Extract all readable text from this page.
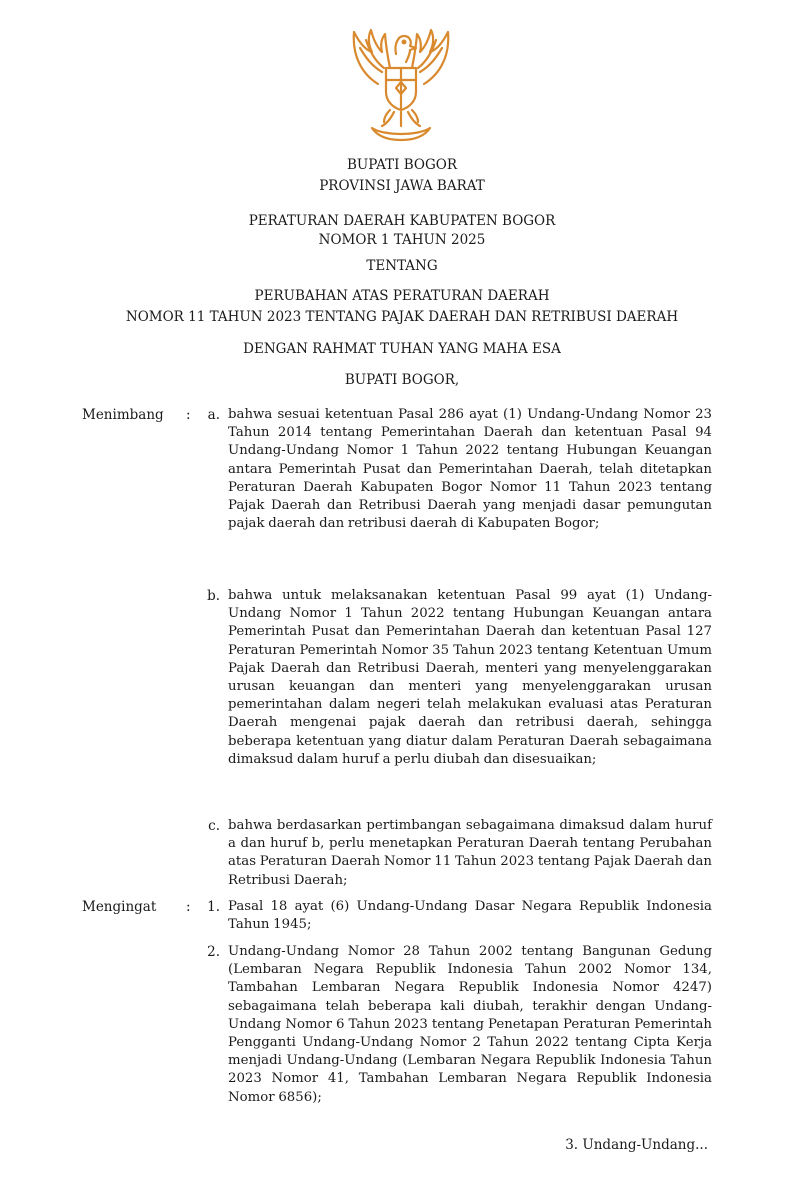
BUPATI BOGOR
PROVINSI JAWA BARAT
PERATURAN DAERAH KABUPATEN BOGOR
NOMOR 1 TAHUN 2025
TENTANG
PERUBAHAN ATAS PERATURAN DAERAH
NOMOR 11 TAHUN 2023 TENTANG PAJAK DAERAH DAN RETRIBUSI DAERAH
DENGAN RAHMAT TUHAN YANG MAHA ESA
BUPATI BOGOR,
Menimbang :	a. bahwa sesuai ketentuan Pasal 286 ayat (1) Undang-Undang Nomor 23 Tahun 2014 tentang Pemerintahan Daerah dan ketentuan Pasal 94 Undang-Undang Nomor 1 Tahun 2022 tentang Hubungan Keuangan antara Pemerintah Pusat dan Pemerintahan Daerah, telah ditetapkan Peraturan Daerah Kabupaten Bogor Nomor 11 Tahun 2023 tentang Pajak Daerah dan Retribusi Daerah yang menjadi dasar pemungutan pajak daerah dan retribusi daerah di Kabupaten Bogor;
b. bahwa untuk melaksanakan ketentuan Pasal 99 ayat (1) Undang-Undang Nomor 1 Tahun 2022 tentang Hubungan Keuangan antara Pemerintah Pusat dan Pemerintahan Daerah dan ketentuan Pasal 127 Peraturan Pemerintah Nomor 35 Tahun 2023 tentang Ketentuan Umum Pajak Daerah dan Retribusi Daerah, menteri yang menyelenggarakan urusan keuangan dan menteri yang menyelenggarakan urusan pemerintahan dalam negeri telah melakukan evaluasi atas Peraturan Daerah mengenai pajak daerah dan retribusi daerah, sehingga beberapa ketentuan yang diatur dalam Peraturan Daerah sebagaimana dimaksud dalam huruf a perlu diubah dan disesuaikan;
c. bahwa berdasarkan pertimbangan sebagaimana dimaksud dalam huruf a dan huruf b, perlu menetapkan Peraturan Daerah tentang Perubahan atas Peraturan Daerah Nomor 11 Tahun 2023 tentang Pajak Daerah dan Retribusi Daerah;
Mengingat :	1. Pasal 18 ayat (6) Undang-Undang Dasar Negara Republik Indonesia Tahun 1945;
2. Undang-Undang Nomor 28 Tahun 2002 tentang Bangunan Gedung (Lembaran Negara Republik Indonesia Tahun 2002 Nomor 134, Tambahan Lembaran Negara Republik Indonesia Nomor 4247) sebagaimana telah beberapa kali diubah, terakhir dengan Undang-Undang Nomor 6 Tahun 2023 tentang Penetapan Peraturan Pemerintah Pengganti Undang-Undang Nomor 2 Tahun 2022 tentang Cipta Kerja menjadi Undang-Undang (Lembaran Negara Republik Indonesia Tahun 2023 Nomor 41, Tambahan Lembaran Negara Republik Indonesia Nomor 6856);
3. Undang-Undang...
